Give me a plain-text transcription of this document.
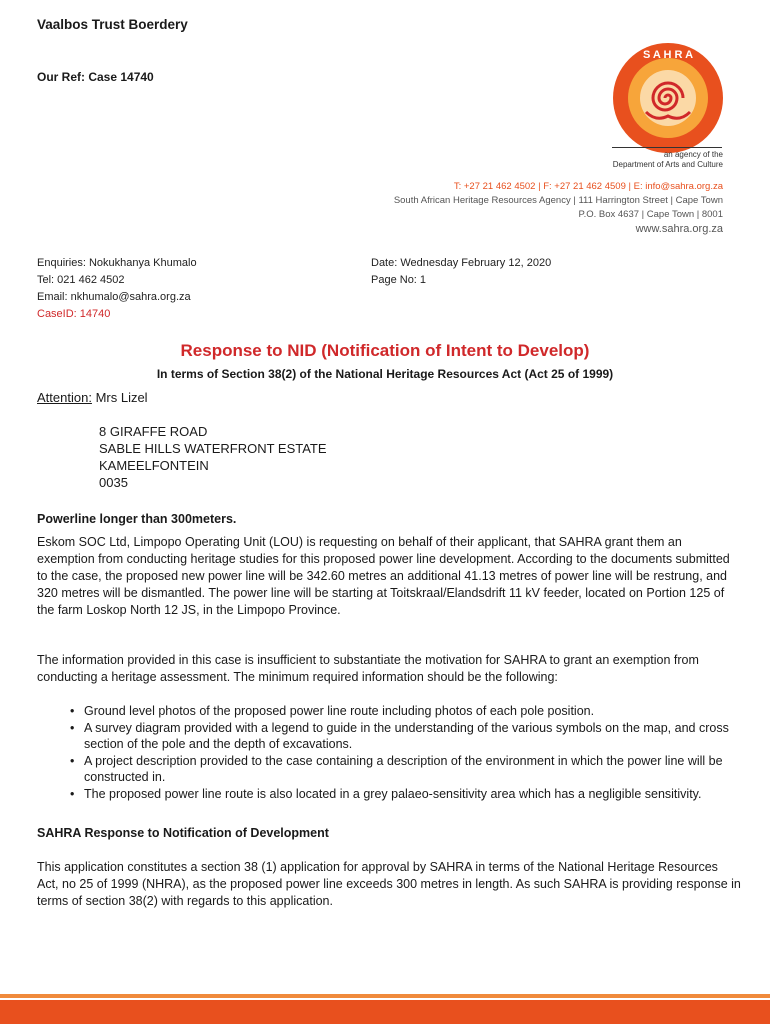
Vaalbos Trust Boerdery
Our Ref: Case 14740
S A H R A
an agency of the
Department of Arts and Culture
T: +27 21 462 4502 | F: +27 21 462 4509 | E: info@sahra.org.za
South African Heritage Resources Agency | 111 Harrington Street | Cape Town
P.O. Box 4637 | Cape Town | 8001
www.sahra.org.za
Enquiries: Nokukhanya Khumalo
Tel: 021 462 4502
Email: nkhumalo@sahra.org.za
CaseID: 14740
Date: Wednesday February 12, 2020
Page No: 1
Response to NID (Notification of Intent to Develop)
In terms of Section 38(2) of the National Heritage Resources Act (Act 25 of 1999)
Attention: Mrs Lizel
8 GIRAFFE ROAD
SABLE HILLS WATERFRONT ESTATE
KAMEELFONTEIN
0035
Powerline longer than 300meters.
Eskom SOC Ltd, Limpopo Operating Unit (LOU) is requesting on behalf of their applicant, that SAHRA grant them an exemption from conducting heritage studies for this proposed power line development. According to the documents submitted to the case, the proposed new power line will be 342.60 metres an additional 41.13 metres of power line will be restrung, and 320 metres will be dismantled. The power line will be starting at Toitskraal/Elandsdrift 11 kV feeder, located on Portion 125 of the farm Loskop North 12 JS, in the Limpopo Province.
The information provided in this case is insufficient to substantiate the motivation for SAHRA to grant an exemption from conducting a heritage assessment. The minimum required information should be the following:
• Ground level photos of the proposed power line route including photos of each pole position.
• A survey diagram provided with a legend to guide in the understanding of the various symbols on the map, and cross section of the pole and the depth of excavations.
• A project description provided to the case containing a description of the environment in which the power line will be constructed in.
• The proposed power line route is also located in a grey palaeo-sensitivity area which has a negligible sensitivity.
SAHRA Response to Notification of Development
This application constitutes a section 38 (1) application for approval by SAHRA in terms of the National Heritage Resources Act, no 25 of 1999 (NHRA), as the proposed power line exceeds 300 metres in length. As such SAHRA is providing response in terms of section 38(2) with regards to this application.
